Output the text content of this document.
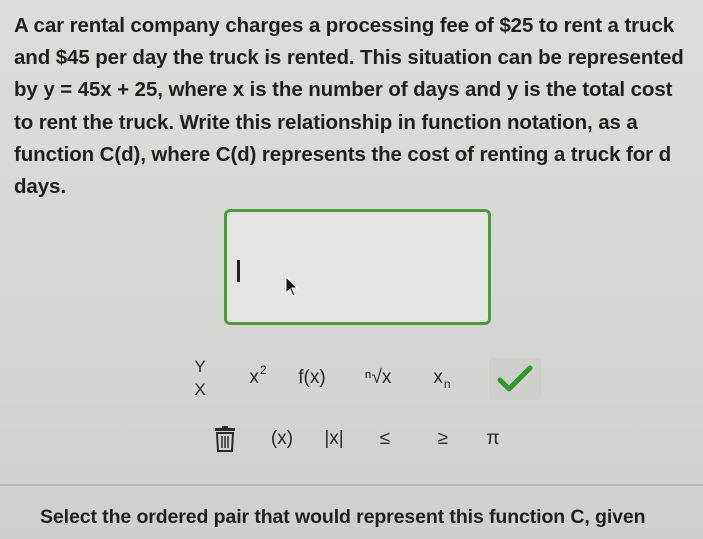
A car rental company charges a processing fee of $25 to rent a truck
and $45 per day the truck is rented. This situation can be represented
by y = 45x + 25, where x is the number of days and y is the total cost
to rent the truck. Write this relationship in function notation, as a
function C(d), where C(d) represents the cost of renting a truck for d
days.
Y
X
x 2 f(x) ⁿ√x x n
(x) |x| ≤	≥ π
Select the ordered pair that would represent this function C, given
